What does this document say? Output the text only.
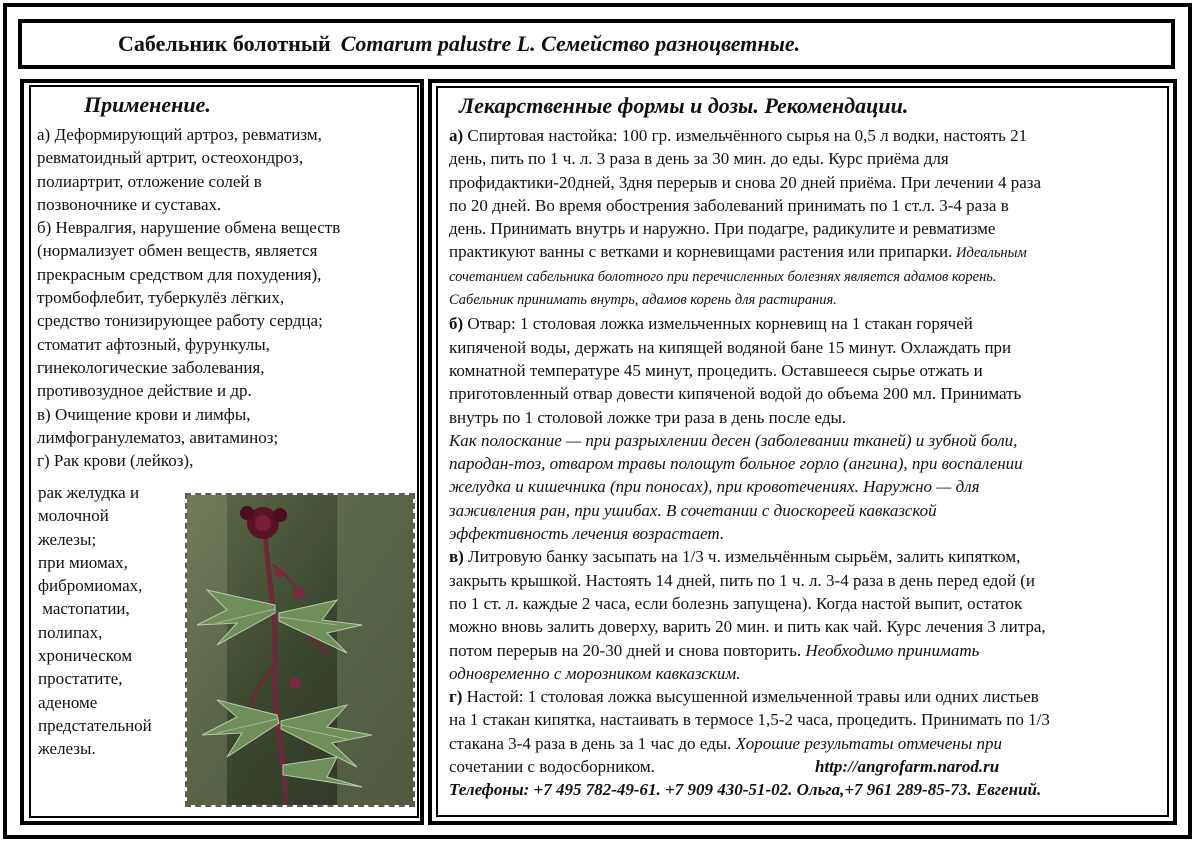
Сабельник болотный Comarum palustre L. Семейство разноцветные.
Применение.

а) Деформирующий артроз, ревматизм,

ревматоидный артрит, остеохондроз,

полиартрит, отложение солей в

позвоночнике и суставах.

б) Невралгия, нарушение обмена веществ

(нормализует обмен веществ, является

прекрасным средством для похудения),

тромбофлебит, туберкулёз лёгких,

средство тонизирующее работу сердца;

стоматит афтозный, фурункулы,

гинекологические заболевания,

противозудное действие и др.

в) Очищение крови и лимфы,

лимфогранулематоз, авитаминоз;

г) Рак крови (лейкоз),

рак желудка и

молочной

железы;

при миомах,

фибромиомах,

мастопатии,

полипах,

хроническом

простатите,

аденоме

предстательной

железы.

Лекарственные формы и дозы. Рекомендации.

а) Спиртовая настойка: 100 гр. измельчённого сырья на 0,5 л водки, настоять 21

день, пить по 1 ч. л. 3 раза в день за 30 мин. до еды. Курс приёма для

профидактики-20дней, Здня перерыв и снова 20 дней приёма. При лечении 4 раза

по 20 дней. Во время обострения заболеваний принимать по 1 ст.л. 3-4 раза в

день. Принимать внутрь и наружно. При подагре, радикулите и ревматизме

практикуют ванны с ветками и корневищами растения или припарки. Идеальным

сочетанием сабельника болотного при перечисленных болезнях является адамов корень.

Сабельник принимать внутрь, адамов корень для растирания.

б) Отвар: 1 столовая ложка измельченных корневищ на 1 стакан горячей

кипяченой воды, держать на кипящей водяной бане 15 минут. Охлаждать при

комнатной температуре 45 минут, процедить. Оставшееся сырье отжать и

приготовленный отвар довести кипяченой водой до объема 200 мл. Принимать

внутрь по 1 столовой ложке три раза в день после еды.

Как полоскание — при разрыхлении десен (заболевании тканей) и зубной боли,

пародан-тоз, отваром травы полощут больное горло (ангина), при воспалении

желудка и кишечника (при поносах), при кровотечениях. Наружно — для

заживления ран, при ушибах. В сочетании с диоскореей кавказской

эффективность лечения возрастает.

в) Литровую банку засыпать на 1/3 ч. измельчённым сырьём, залить кипятком,

закрыть крышкой. Настоять 14 дней, пить по 1 ч. л. 3-4 раза в день перед едой (и

по 1 ст. л. каждые 2 часа, если болезнь запущена). Когда настой выпит, остаток

можно вновь залить доверху, варить 20 мин. и пить как чай. Курс лечения 3 литра,

потом перерыв на 20-30 дней и снова повторить. Необходимо принимать

одновременно с морозником кавказским.

г) Настой: 1 столовая ложка высушенной измельченной травы или одних листьев

на 1 стакан кипятка, настаивать в термосе 1,5-2 часа, процедить. Принимать по 1/3

стакана 3-4 раза в день за 1 час до еды. Хорошие результаты отмечены при

сочетании с водосборником.	http://angrofarm.narod.ru

Телефоны: +7 495 782-49-61. +7 909 430-51-02. Ольга,+7 961 289-85-73. Евгений.
